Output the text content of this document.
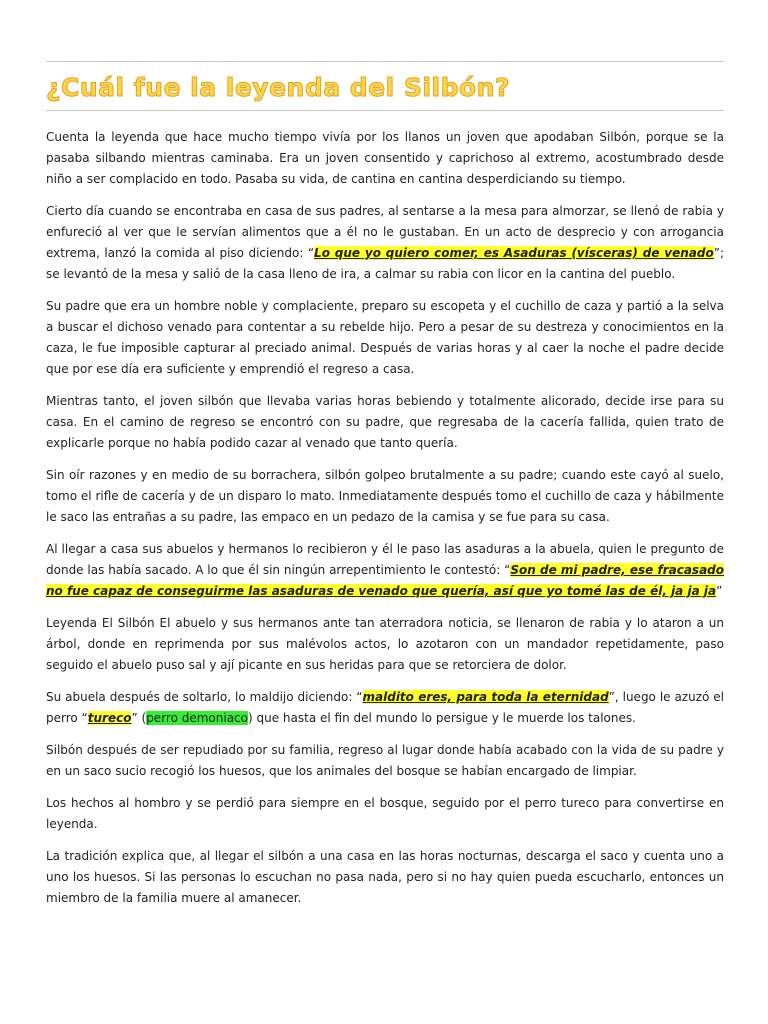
¿Cuál fue la leyenda del Silbón?

Cuenta la leyenda que hace mucho tiempo vivía por los llanos un joven que apodaban Silbón, porque se la pasaba silbando mientras caminaba. Era un joven consentido y caprichoso al extremo, acostumbrado desde niño a ser complacido en todo. Pasaba su vida, de cantina en cantina desperdiciando su tiempo.

Cierto día cuando se encontraba en casa de sus padres, al sentarse a la mesa para almorzar, se llenó de rabia y enfureció al ver que le servían alimentos que a él no le gustaban. En un acto de desprecio y con arrogancia extrema, lanzó la comida al piso diciendo: “Lo que yo quiero comer, es Asaduras (vísceras) de venado”; se levantó de la mesa y salió de la casa lleno de ira, a calmar su rabia con licor en la cantina del pueblo.

Su padre que era un hombre noble y complaciente, preparo su escopeta y el cuchillo de caza y partió a la selva a buscar el dichoso venado para contentar a su rebelde hijo. Pero a pesar de su destreza y conocimientos en la caza, le fue imposible capturar al preciado animal. Después de varias horas y al caer la noche el padre decide que por ese día era suficiente y emprendió el regreso a casa.

Mientras tanto, el joven silbón que llevaba varias horas bebiendo y totalmente alicorado, decide irse para su casa. En el camino de regreso se encontró con su padre, que regresaba de la cacería fallida, quien trato de explicarle porque no había podido cazar al venado que tanto quería.

Sin oír razones y en medio de su borrachera, silbón golpeo brutalmente a su padre; cuando este cayó al suelo, tomo el rifle de cacería y de un disparo lo mato. Inmediatamente después tomo el cuchillo de caza y hábilmente le saco las entrañas a su padre, las empaco en un pedazo de la camisa y se fue para su casa.

Al llegar a casa sus abuelos y hermanos lo recibieron y él le paso las asaduras a la abuela, quien le pregunto de donde las había sacado. A lo que él sin ningún arrepentimiento le contestó: “Son de mi padre, ese fracasado no fue capaz de conseguirme las asaduras de venado que quería, así que yo tomé las de él, ja ja ja”

Leyenda El Silbón El abuelo y sus hermanos ante tan aterradora noticia, se llenaron de rabia y lo ataron a un árbol, donde en reprimenda por sus malévolos actos, lo azotaron con un mandador repetidamente, paso seguido el abuelo puso sal y ají picante en sus heridas para que se retorciera de dolor.

Su abuela después de soltarlo, lo maldijo diciendo: “maldito eres, para toda la eternidad”, luego le azuzó el perro “tureco” (perro demoniaco) que hasta el fin del mundo lo persigue y le muerde los talones.

Silbón después de ser repudiado por su familia, regreso al lugar donde había acabado con la vida de su padre y en un saco sucio recogió los huesos, que los animales del bosque se habían encargado de limpiar.

Los hechos al hombro y se perdió para siempre en el bosque, seguido por el perro tureco para convertirse en leyenda.

La tradición explica que, al llegar el silbón a una casa en las horas nocturnas, descarga el saco y cuenta uno a uno los huesos. Si las personas lo escuchan no pasa nada, pero si no hay quien pueda escucharlo, entonces un miembro de la familia muere al amanecer.
